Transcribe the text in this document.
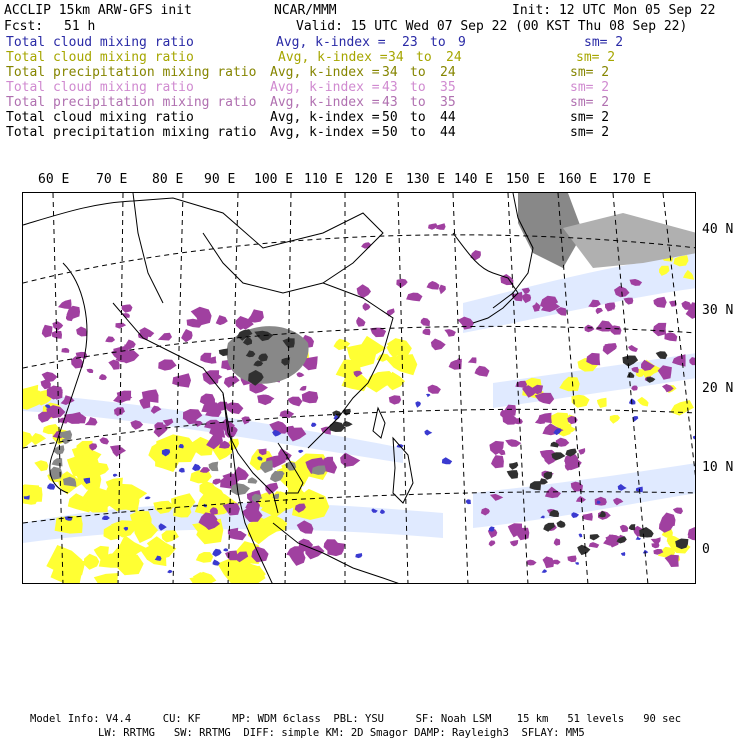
ACCLIP 15km ARW-GFS init	NCAR/MMM	Init: 12 UTC Mon 05 Sep 22
Fcst: 51 h	Valid: 15 UTC Wed 07 Sep 22 (00 KST Thu 08 Sep 22)
Total cloud mixing ratio	Avg, k-index = 23 to 9	sm= 2
Total cloud mixing ratio	Avg, k-index = 34 to 24	sm= 2
Total precipitation mixing ratio Avg, k-index = 34 to 24	sm= 2
Total cloud mixing ratio	Avg, k-index = 43 to 35	sm= 2
Total precipitation mixing ratio Avg, k-index = 43 to 35	sm= 2
Total cloud mixing ratio	Avg, k-index = 50 to 44	sm= 2
Total precipitation mixing ratio Avg, k-index = 50 to 44	sm= 2
60 E 70 E 80 E 90 E 100 E 110 E 120 E 130 E 140 E 150 E 160 E 170 E
40 N
30 N
20 N
10 N
0
Model Info: V4.4     CU: KF     MP: WDM 6class  PBL: YSU     SF: Noah LSM    15 km   51 levels   90 sec
LW: RRTMG   SW: RRTMG  DIFF: simple KM: 2D Smagor DAMP: Rayleigh3  SFLAY: MM5
